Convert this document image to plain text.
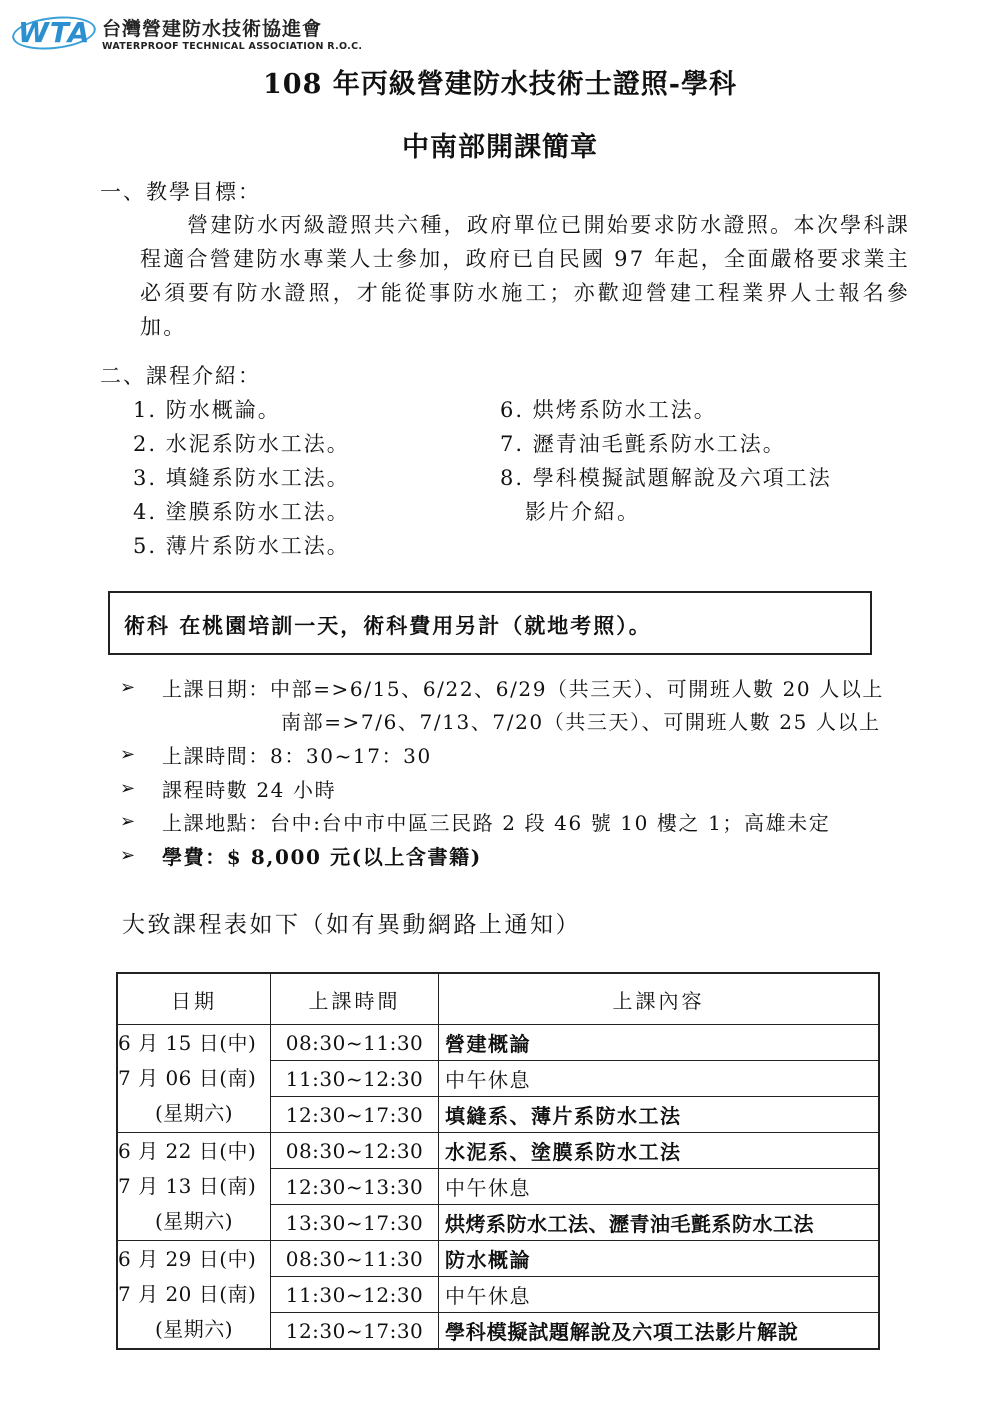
WTA 台灣營建防水技術協進會
WATERPROOF TECHNICAL ASSOCIATION R.O.C.
108 年丙級營建防水技術士證照-學科
中南部開課簡章
一、教學目標：
營建防水丙級證照共六種，政府單位已開始要求防水證照。本次學科課程適合營建防水專業人士參加，政府已自民國 97 年起，全面嚴格要求業主必須要有防水證照，才能從事防水施工；亦歡迎營建工程業界人士報名參加。
二、課程介紹：
1. 防水概論。
2. 水泥系防水工法。
3. 填縫系防水工法。
4. 塗膜系防水工法。
5. 薄片系防水工法。
6. 烘烤系防水工法。
7. 瀝青油毛氈系防水工法。
8. 學科模擬試題解說及六項工法
影片介紹。
術科 在桃園培訓一天，術科費用另計（就地考照）。
➢ 上課日期：中部=>6/15、6/22、6/29（共三天）、可開班人數 20 人以上
南部=>7/6、7/13、7/20（共三天）、可開班人數 25 人以上
➢ 上課時間：8：30~17：30
➢ 課程時數 24 小時
➢ 上課地點：台中:台中市中區三民路 2 段 46 號 10 樓之 1；高雄未定
➢ 學費：$ 8,000 元(以上含書籍)
大致課程表如下（如有異動網路上通知）
日期	上課時間	上課內容

6 月 15 日(中)
7 月 06 日(南)
(星期六)	08:30~11:30	營建概論
	11:30~12:30	中午休息
	12:30~17:30	填縫系、薄片系防水工法

6 月 22 日(中)
7 月 13 日(南)
(星期六)	08:30~12:30	水泥系、塗膜系防水工法
	12:30~13:30	中午休息
	13:30~17:30	烘烤系防水工法、瀝青油毛氈系防水工法

6 月 29 日(中)
7 月 20 日(南)
(星期六)	08:30~11:30	防水概論
	11:30~12:30	中午休息
	12:30~17:30	學科模擬試題解說及六項工法影片解說
